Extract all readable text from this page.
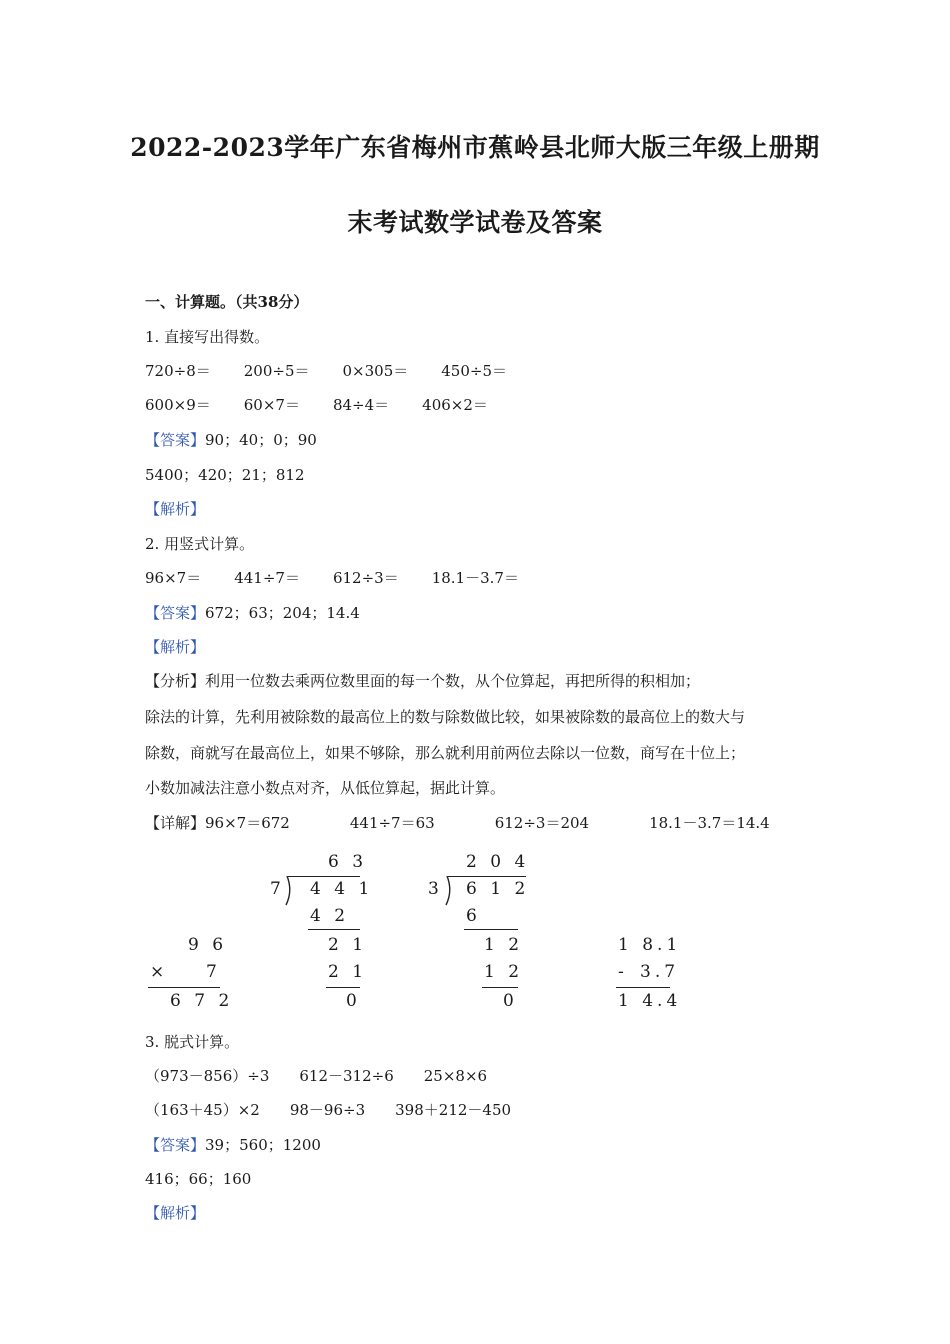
2022-2023学年广东省梅州市蕉岭县北师大版三年级上册期
末考试数学试卷及答案
一、计算题。（共38分）
1. 直接写出得数。
720÷8＝ 200÷5＝ 0×305＝ 450÷5＝
600×9＝ 60×7＝ 84÷4＝ 406×2＝
【答案】90；40；0；90
5400；420；21；812
【解析】
2. 用竖式计算。
96×7＝ 441÷7＝ 612÷3＝ 18.1－3.7＝
【答案】672；63；204；14.4
【解析】
【分析】利用一位数去乘两位数里面的每一个数，从个位算起，再把所得的积相加；
除法的计算，先利用被除数的最高位上的数与除数做比较，如果被除数的最高位上的数大与
除数，商就写在最高位上，如果不够除，那么就利用前两位去除以一位数，商写在十位上；
小数加减法注意小数点对齐，从低位算起，据此计算。
【详解】96×7＝672	441÷7＝63	612÷3＝204	18.1－3.7＝14.4
9 6
× 7
6 7 2
6 3
7 4 4 1
4 2
2 1
2 1
0
2 0 4
3 6 1 2
6
1 2
1 2
0
1 8.1
- 3.7
1 4.4
3. 脱式计算。
（973－856）÷3 612－312÷6 25×8×6
（163＋45）×2 98－96÷3 398＋212－450
【答案】39；560；1200
416；66；160
【解析】
